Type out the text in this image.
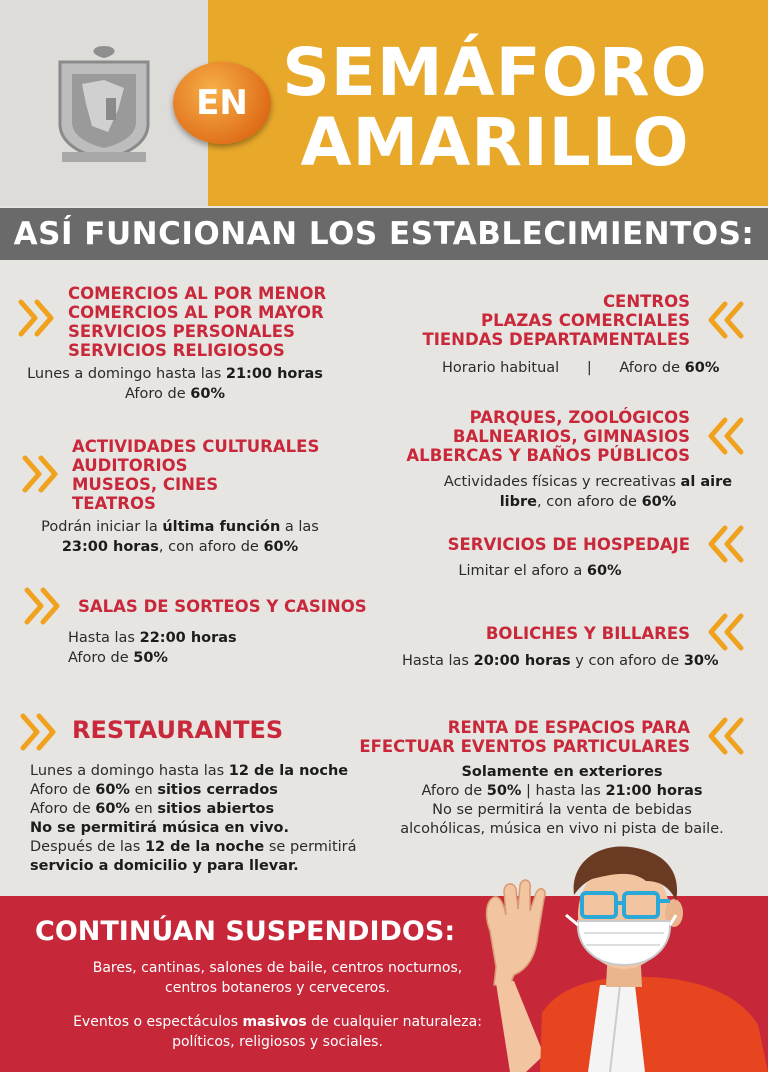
EN SEMÁFORO
AMARILLO
ASÍ FUNCIONAN LOS ESTABLECIMIENTOS:
COMERCIOS AL POR MENOR
COMERCIOS AL POR MAYOR
SERVICIOS PERSONALES
SERVICIOS RELIGIOSOS
Lunes a domingo hasta las 21:00 horas
Aforo de 60%
ACTIVIDADES CULTURALES
AUDITORIOS
MUSEOS, CINES
TEATROS
Podrán iniciar la última función a las
23:00 horas, con aforo de 60%
SALAS DE SORTEOS Y CASINOS
Hasta las 22:00 horas
Aforo de 50%
RESTAURANTES
Lunes a domingo hasta las 12 de la noche
Aforo de 60% en sitios cerrados
Aforo de 60% en sitios abiertos
No se permitirá música en vivo.
Después de las 12 de la noche se permitirá
servicio a domicilio y para llevar.
CENTROS
PLAZAS COMERCIALES
TIENDAS DEPARTAMENTALES
Horario habitual | Aforo de 60%
PARQUES, ZOOLÓGICOS
BALNEARIOS, GIMNASIOS
ALBERCAS Y BAÑOS PÚBLICOS
Actividades físicas y recreativas al aire
libre, con aforo de 60%
SERVICIOS DE HOSPEDAJE
Limitar el aforo a 60%
BOLICHES Y BILLARES
Hasta las 20:00 horas y con aforo de 30%
RENTA DE ESPACIOS PARA
EFECTUAR EVENTOS PARTICULARES
Solamente en exteriores
Aforo de 50% | hasta las 21:00 horas
No se permitirá la venta de bebidas
alcohólicas, música en vivo ni pista de baile.
CONTINÚAN SUSPENDIDOS:
Bares, cantinas, salones de baile, centros nocturnos,
centros botaneros y cerveceros.
Eventos o espectáculos masivos de cualquier naturaleza:
políticos, religiosos y sociales.
